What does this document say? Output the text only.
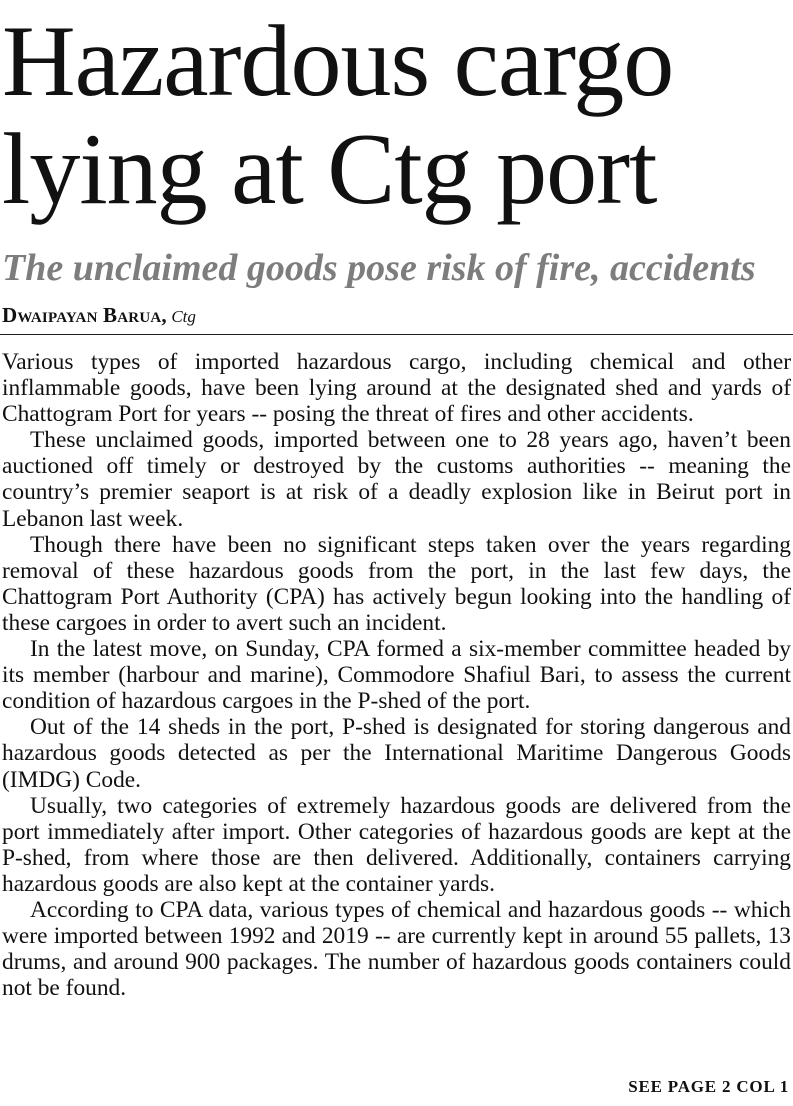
Hazardous cargo
lying at Ctg port
The unclaimed goods pose risk of fire, accidents

Dwaipayan Barua, Ctg

Various types of imported hazardous cargo, including chemical and other inflammable goods, have been lying around at the designated shed and yards of Chattogram Port for years -- posing the threat of fires and other accidents.

These unclaimed goods, imported between one to 28 years ago, haven’t been auctioned off timely or destroyed by the customs authorities -- meaning the country’s premier seaport is at risk of a deadly explosion like in Beirut port in Lebanon last week.

Though there have been no significant steps taken over the years regarding removal of these hazardous goods from the port, in the last few days, the Chattogram Port Authority (CPA) has actively begun looking into the handling of these cargoes in order to avert such an incident.

In the latest move, on Sunday, CPA formed a six-member committee headed by its member (harbour and marine), Commodore Shafiul Bari, to assess the current condition of hazardous cargoes in the P-shed of the port.

Out of the 14 sheds in the port, P-shed is designated for storing dangerous and hazardous goods detected as per the International Maritime Dangerous Goods (IMDG) Code.

Usually, two categories of extremely hazardous goods are delivered from the port immediately after import. Other categories of hazardous goods are kept at the P-shed, from where those are then delivered. Additionally, containers carrying hazardous goods are also kept at the container yards.

According to CPA data, various types of chemical and hazardous goods -- which were imported between 1992 and 2019 -- are currently kept in around 55 pallets, 13 drums, and around 900 packages. The number of hazardous goods containers could not be found.

SEE PAGE 2 COL 1
